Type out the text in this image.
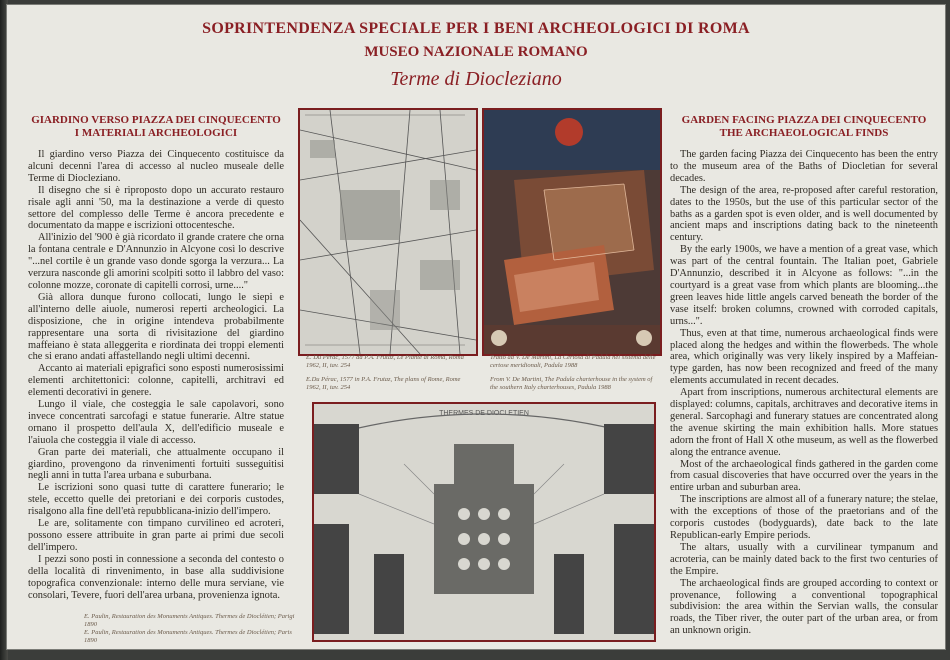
SOPRINTENDENZA SPECIALE PER I BENI ARCHEOLOGICI DI ROMA
MUSEO NAZIONALE ROMANO
Terme di Diocleziano
GIARDINO VERSO PIAZZA DEI CINQUECENTO
I MATERIALI ARCHEOLOGICI

Il giardino verso Piazza dei Cinquecento costituisce da alcuni decenni l'area di accesso al nucleo museale delle Terme di Diocleziano.

Il disegno che si è riproposto dopo un accurato restauro risale agli anni '50, ma la destinazione a verde di questo settore del complesso delle Terme è ancora precedente e documentato da mappe e iscrizioni ottocentesche.

All'inizio del '900 è già ricordato il grande cratere che orna la fontana centrale e D'Annunzio in Alcyone così lo descrive "...nel cortile è un grande vaso donde sgorga la verzura... La verzura nasconde gli amorini scolpiti sotto il labbro del vaso: colonne mozze, coronate di capitelli corrosi, urne...."

Già allora dunque furono collocati, lungo le siepi e all'interno delle aiuole, numerosi reperti archeologici. La disposizione, che in origine intendeva probabilmente rappresentare una sorta di rivisitazione del giardino maffeiano è stata alleggerita e riordinata dei troppi elementi che si erano andati affastellando negli ultimi decenni.

Accanto ai materiali epigrafici sono esposti numerosissimi elementi architettonici: colonne, capitelli, architravi ed elementi decorativi in genere.

Lungo il viale, che costeggia le sale capolavori, sono invece concentrati sarcofagi e statue funerarie. Altre statue ornano il prospetto dell'aula X, dell'edificio museale e l'aiuola che costeggia il viale di accesso.

Gran parte dei materiali, che attualmente occupano il giardino, provengono da rinvenimenti fortuiti susseguitisi negli anni in tutta l'area urbana e suburbana.

Le iscrizioni sono quasi tutte di carattere funerario; le stele, eccetto quelle dei pretoriani e dei corporis custodes, risalgono alla fine dell'età repubblicana-inizio dell'impero.

Le are, solitamente con timpano curvilineo ed acroteri, possono essere attribuite in gran parte ai primi due secoli dell'impero.

I pezzi sono posti in connessione a seconda del contesto o della località di rinvenimento, in base alla suddivisione topografica convenzionale: interno delle mura serviane, vie consolari, Tevere, fuori dell'area urbana, provenienza ignota.

E. Paulin, Restauration des Monuments Antiques. Thermes de Dioclétien; Parigi 1890
E. Paulin, Restauration des Monuments Antiques. Thermes de Dioclétien; Paris 1890
E. Du Pérac, 1577 da P.A. Frutaz, Le Piante di Roma, Roma 1962, II, tav. 254
E.Du Pérac, 1577 in P.A. Frutaz, The plans of Rome, Rome 1962, II, tav. 254
Tratto da V. De Martini, La Certosa di Padula nel sistema delle certose meridionali, Padula 1988
From V. De Martini, The Padula charterhouse in the system of the southern Italy charterhouses, Padula 1988
THERMES DE DIOCLETIEN
GARDEN FACING PIAZZA DEI CINQUECENTO
THE ARCHAEOLOGICAL FINDS

The garden facing Piazza dei Cinquecento has been the entry to the museum area of the Baths of Diocletian for several decades.

The design of the area, re-proposed after careful restoration, dates to the 1950s, but the use of this particular sector of the baths as a garden spot is even older, and is well documented by ancient maps and inscriptions dating back to the nineteenth century.

By the early 1900s, we have a mention of a great vase, which was part of the central fountain. The Italian poet, Gabriele D'Annunzio, described it in Alcyone as follows: "...in the courtyard is a great vase from which plants are blooming...the green leaves hide little angels carved beneath the border of the vase itself: broken columns, crowned with corroded capitals, urns...".

Thus, even at that time, numerous archaeological finds were placed along the hedges and within the flowerbeds. The whole area, which originally was very likely inspired by a Maffeian-type garden, has now been recognized and freed of the many elements accumulated in recent decades.

Apart from inscriptions, numerous architectural elements are displayed: columns, capitals, architraves and decorative items in general. Sarcophagi and funerary statues are concentrated along the avenue skirting the main exhibition halls. More statues adorn the front of Hall X othe museum, as well as the flowerbed along the entrance avenue.

Most of the archaeological finds gathered in the garden come from casual discoveries that have occurred over the years in the entire urban and suburban area.

The inscriptions are almost all of a funerary nature; the stelae, with the exceptions of those of the praetorians and of the corporis custodes (bodyguards), date back to the late Republican-early Empire periods.

The altars, usually with a curvilinear tympanum and acroteria, can be mainly dated back to the first two centuries of the Empire.

The archaeological finds are grouped according to context or provenance, following a conventional topographical subdivision: the area within the Servian walls, the consular roads, the Tiber river, the outer part of the urban area, or from an unknown origin.
